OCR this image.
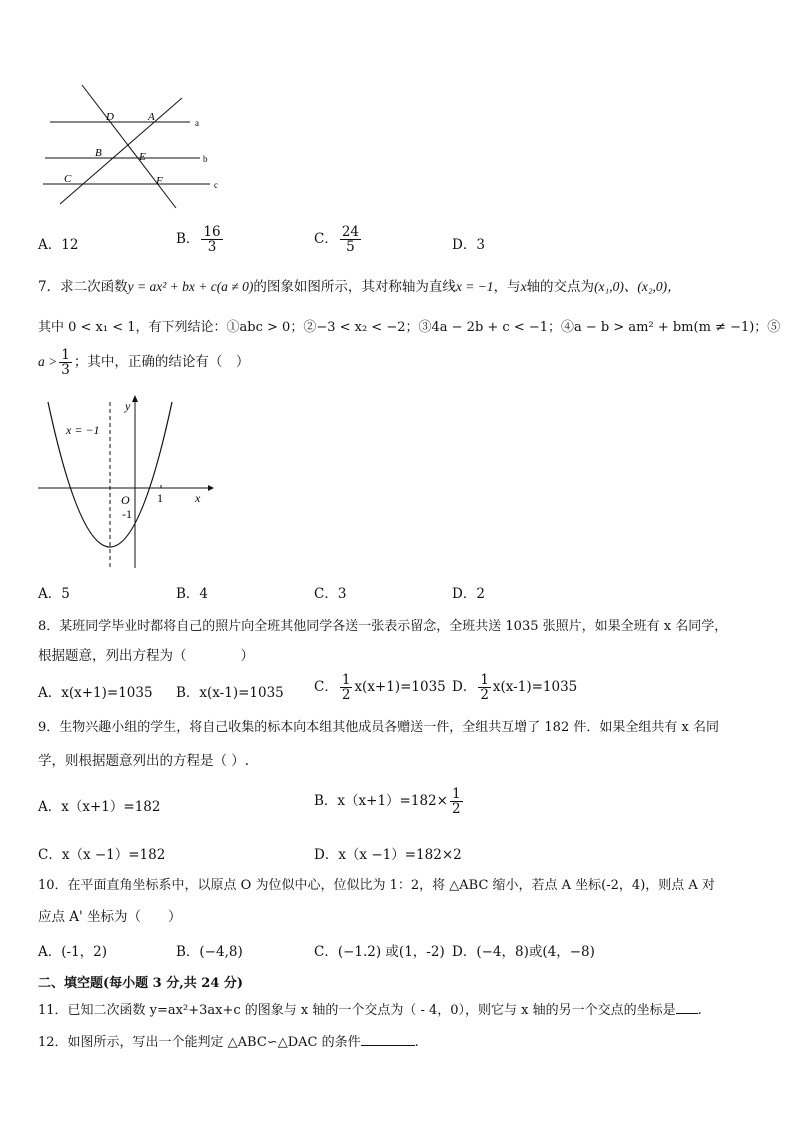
D	A
B	E
C	F
a
b
c
A．12	B． $\frac{16}{3}$	C． $\frac{24}{5}$	D．3
7．求二次函数y = ax² + bx + c(a ≠ 0)的图象如图所示，其对称轴为直线x = −1，与x轴的交点为(x₁,0)、(x₂,0)，
其中 0 < x₁ < 1，有下列结论：①abc > 0；②−3 < x₂ < −2；③4a − 2b + c < −1；④a − b > am² + bm(m ≠ −1)；⑤
$a > \frac{1}{3}$ ；其中，正确的结论有（　）
x = −1
y
x
O 1
-1
A．5	B．4	C．3	D．2
8．某班同学毕业时都将自己的照片向全班其他同学各送一张表示留念，全班共送 1035 张照片，如果全班有 x 名同学，
根据题意，列出方程为（　　　　）
A．x(x+1)=1035 B．x(x-1)=1035 C． $\frac{1}{2} x(x+1)=1035$ D． $\frac{1}{2} x(x-1)=1035$
9．生物兴趣小组的学生，将自己收集的标本向本组其他成员各赠送一件，全组共互增了 182 件．如果全组共有 x 名同
学，则根据题意列出的方程是（ ）.
A．x（x+1）=182	B．$x(x+1)=182\times \frac{1}{2}$
C．x（x −1）=182	D．x（x −1）=182×2
10．在平面直角坐标系中，以原点 O 为位似中心，位似比为 1：2，将 △ABC 缩小，若点 A 坐标(-2，4)，则点 A 对
应点 A' 坐标为（　　）
A．(-1，2)	B．(−4,8)	C．(−1.2) 或(1，-2) D．(−4，8)或(4，−8)
二、填空题(每小题 3 分,共 24 分)
11．已知二次函数 y=ax²+3ax+c 的图象与 x 轴的一个交点为（ - 4，0），则它与 x 轴的另一个交点的坐标是 .
12．如图所示，写出一个能判定 △ABC∽△DAC 的条件	.
